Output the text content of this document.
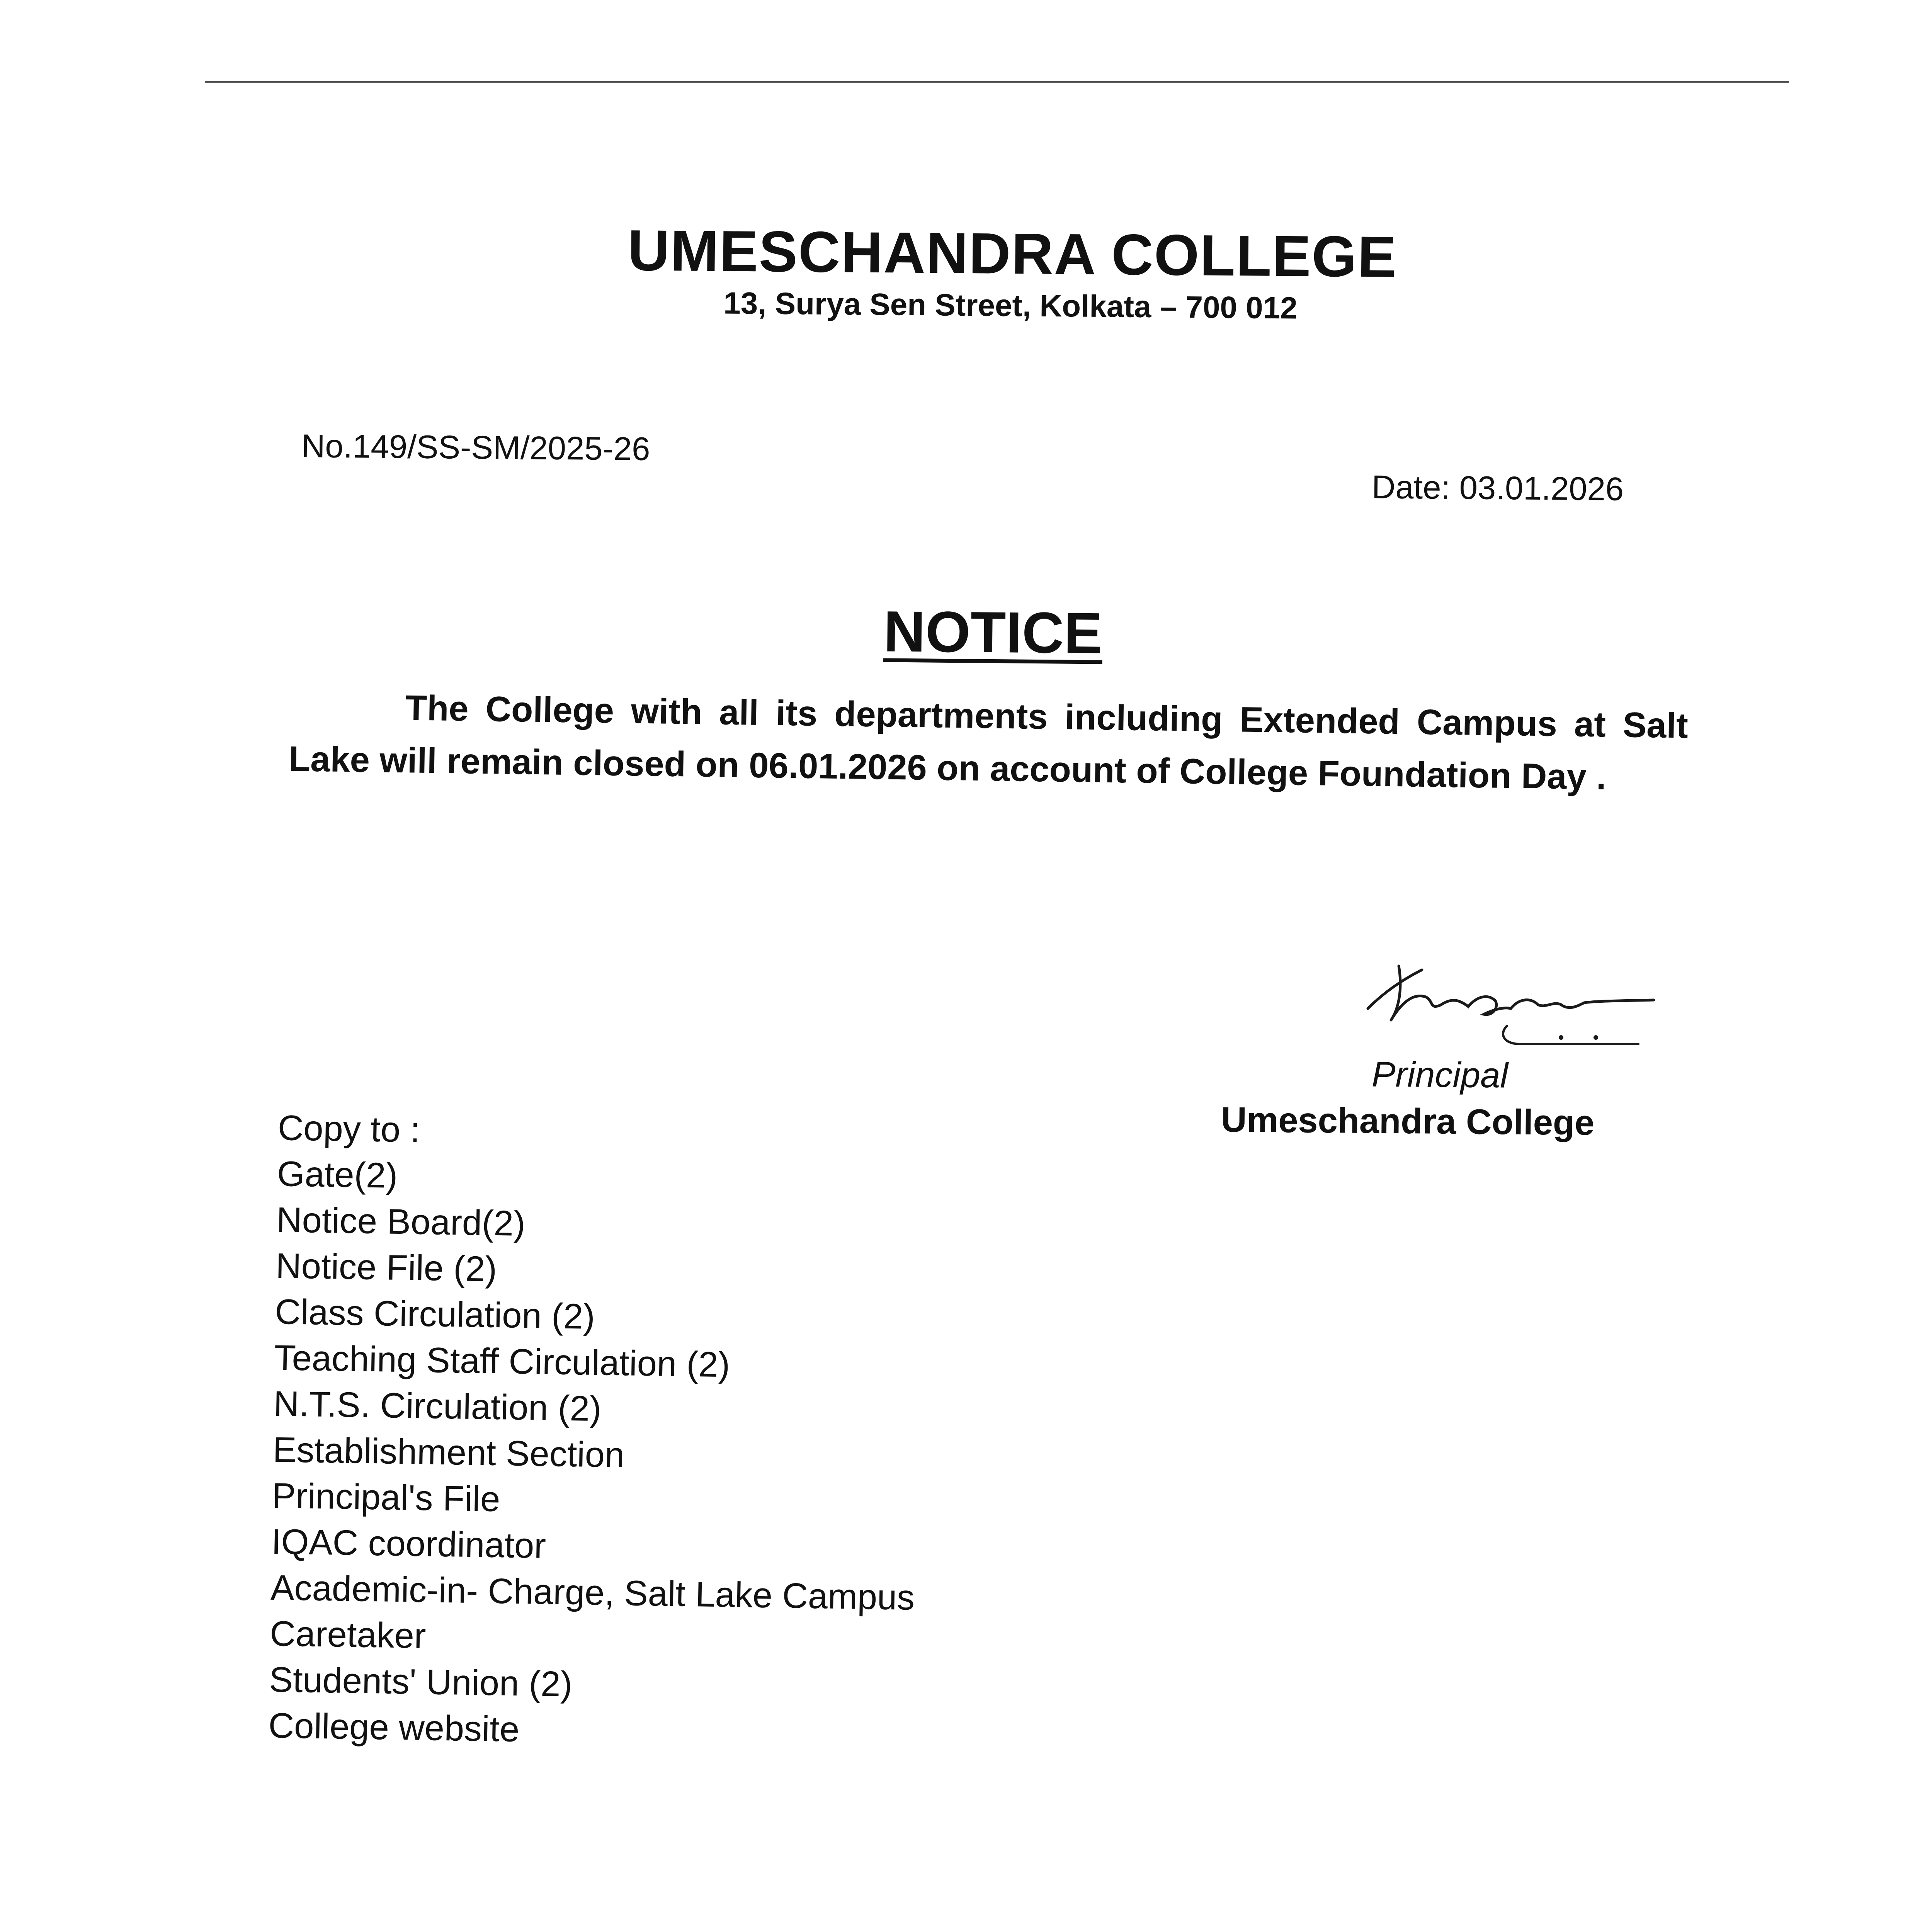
UMESCHANDRA COLLEGE
13, Surya Sen Street, Kolkata – 700 012
No.149/SS-SM/2025-26
Date: 03.01.2026
NOTICE
The College with all its departments including Extended Campus at Salt Lake will remain closed on 06.01.2026 on account of College Foundation Day .
Principal
Umeschandra College
Copy to :
Gate(2)
Notice Board(2)
Notice File (2)
Class Circulation (2)
Teaching Staff Circulation (2)
N.T.S. Circulation (2)
Establishment Section
Principal's File
IQAC coordinator
Academic-in- Charge, Salt Lake Campus
Caretaker
Students' Union (2)
College website
